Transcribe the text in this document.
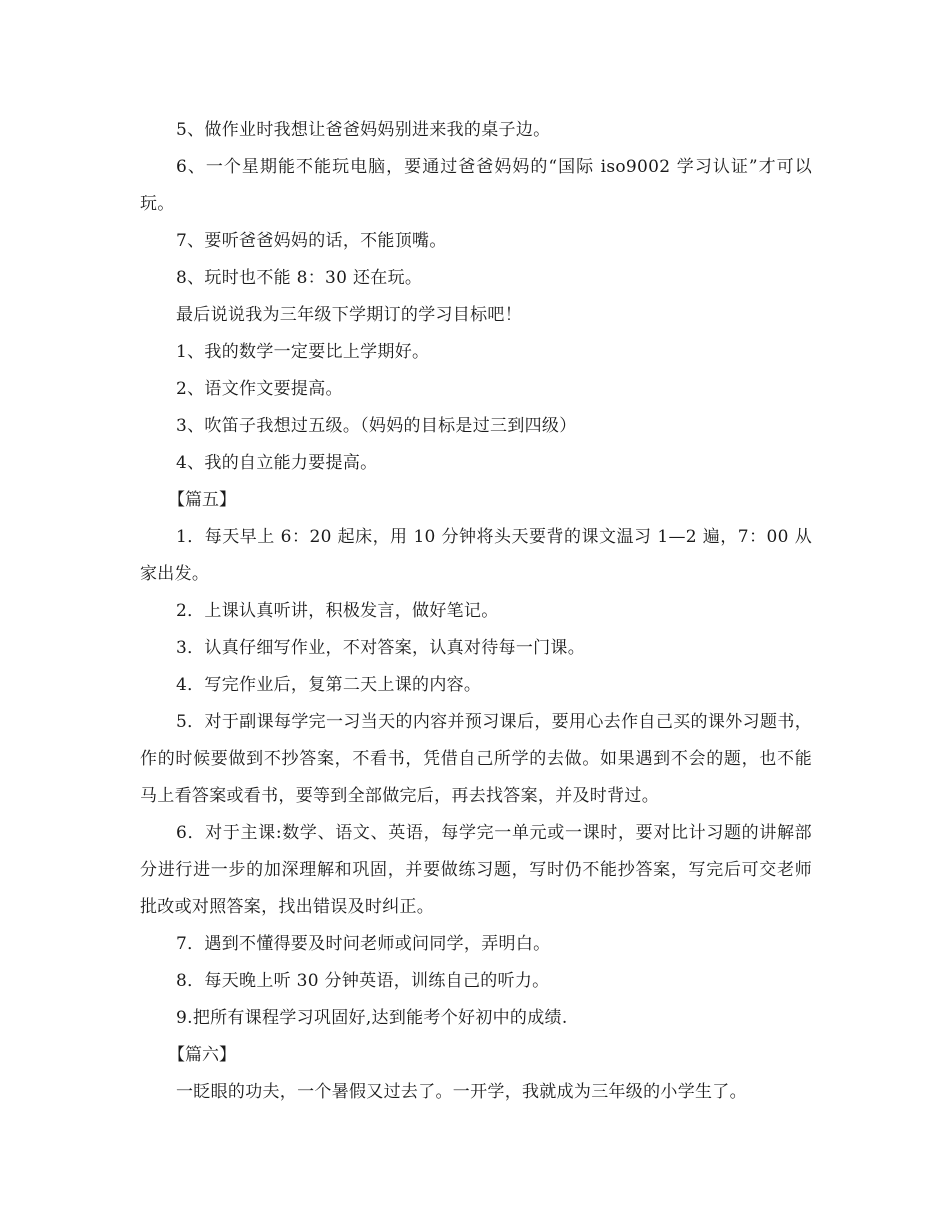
5、做作业时我想让爸爸妈妈别进来我的桌子边。

6、一个星期能不能玩电脑，要通过爸爸妈妈的“国际 iso9002 学习认证”才可以玩。

7、要听爸爸妈妈的话，不能顶嘴。

8、玩时也不能 8：30 还在玩。

最后说说我为三年级下学期订的学习目标吧！

1、我的数学一定要比上学期好。

2、语文作文要提高。

3、吹笛子我想过五级。（妈妈的目标是过三到四级）

4、我的自立能力要提高。

【篇五】

1．每天早上 6：20 起床，用 10 分钟将头天要背的课文温习 1—2 遍，7：00 从家出发。

2．上课认真听讲，积极发言，做好笔记。

3．认真仔细写作业，不对答案，认真对待每一门课。

4．写完作业后，复第二天上课的内容。

5．对于副课每学完一习当天的内容并预习课后，要用心去作自己买的课外习题书，作的时候要做到不抄答案，不看书，凭借自己所学的去做。如果遇到不会的题，也不能马上看答案或看书，要等到全部做完后，再去找答案，并及时背过。

6．对于主课:数学、语文、英语，每学完一单元或一课时，要对比计习题的讲解部分进行进一步的加深理解和巩固，并要做练习题，写时仍不能抄答案，写完后可交老师批改或对照答案，找出错误及时纠正。

7．遇到不懂得要及时问老师或问同学，弄明白。

8．每天晚上听 30 分钟英语，训练自己的听力。

9.把所有课程学习巩固好,达到能考个好初中的成绩.

【篇六】

一眨眼的功夫，一个暑假又过去了。一开学，我就成为三年级的小学生了。
